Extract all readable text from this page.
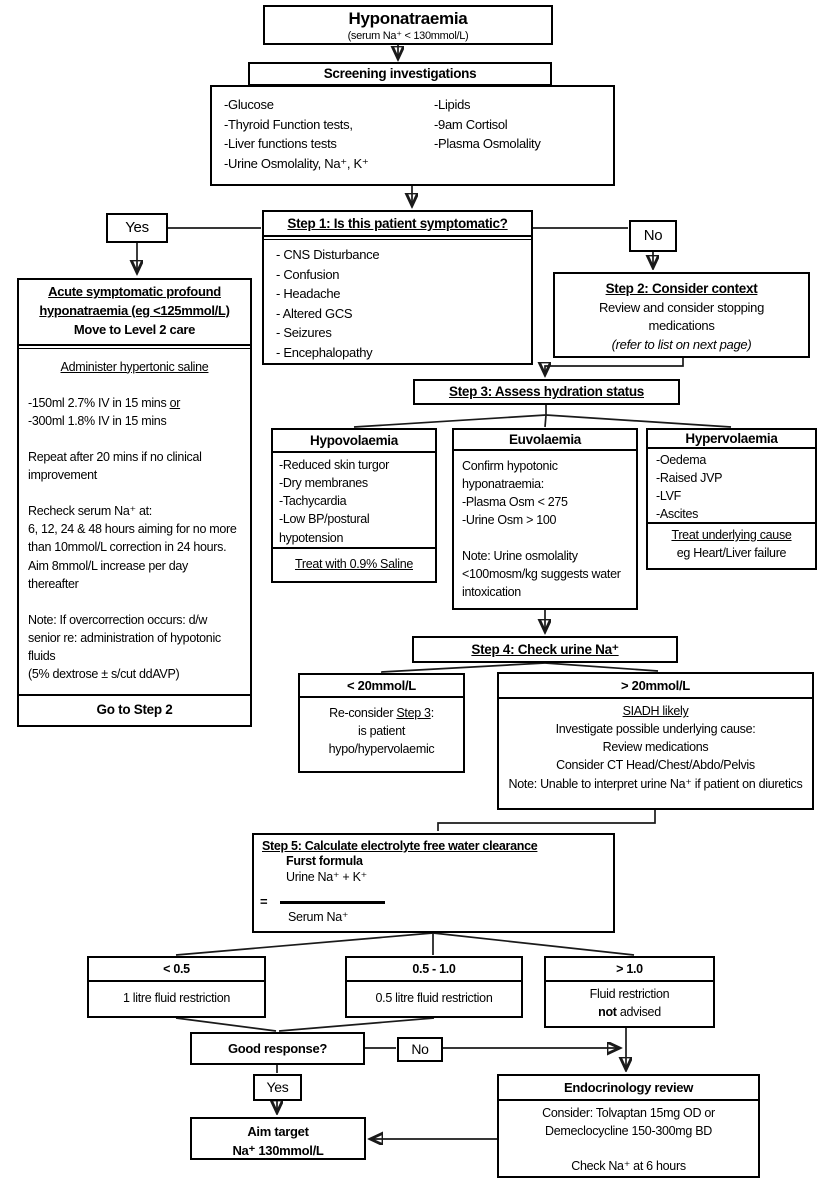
Hyponatraemia
(serum Na⁺ < 130mmol/L)
Screening investigations
-Glucose
-Thyroid Function tests,
-Liver functions tests
-Urine Osmolality, Na⁺, K⁺
-Lipids
-9am Cortisol
-Plasma Osmolality
Yes	No
Step 1: Is this patient symptomatic?
- CNS Disturbance
- Confusion
- Headache
- Altered GCS
- Seizures
- Encephalopathy
Step 2: Consider context
Review and consider stopping medications
(refer to list on next page)
Acute symptomatic profound
hyponatraemia (eg <125mmol/L)
Move to Level 2 care
Administer hypertonic saline
-150ml 2.7% IV in 15 mins or
-300ml 1.8% IV in 15 mins
Repeat after 20 mins if no clinical improvement
Recheck serum Na⁺ at:
6, 12, 24 & 48 hours aiming for no more than 10mmol/L correction in 24 hours. Aim 8mmol/L increase per day thereafter
Note: If overcorrection occurs: d/w senior re: administration of hypotonic fluids
(5% dextrose ± s/cut ddAVP)
Go to Step 2
Step 3: Assess hydration status
Hypovolaemia
-Reduced skin turgor
-Dry membranes
-Tachycardia
-Low BP/postural hypotension
Treat with 0.9% Saline
Euvolaemia
Confirm hypotonic hyponatraemia:
-Plasma Osm < 275
-Urine Osm > 100
Note: Urine osmolality <100mosm/kg suggests water intoxication
Hypervolaemia
-Oedema
-Raised JVP
-LVF
-Ascites
Treat underlying cause
eg Heart/Liver failure
Step 4: Check urine Na⁺
< 20mmol/L
Re-consider Step 3:
is patient
hypo/hypervolaemic
> 20mmol/L
SIADH likely
Investigate possible underlying cause:
Review medications
Consider CT Head/Chest/Abdo/Pelvis
Note: Unable to interpret urine Na⁺ if patient on diuretics
Step 5: Calculate electrolyte free water clearance
Furst formula
Urine Na⁺ + K⁺
=
Serum Na⁺
< 0.5
1 litre fluid restriction
0.5 - 1.0
0.5 litre fluid restriction
> 1.0
Fluid restriction
not advised
Good response?	No
Yes
Aim target
Na⁺ 130mmol/L
Endocrinology review
Consider: Tolvaptan 15mg OD or
Demeclocycline 150-300mg BD
Check Na⁺ at 6 hours
